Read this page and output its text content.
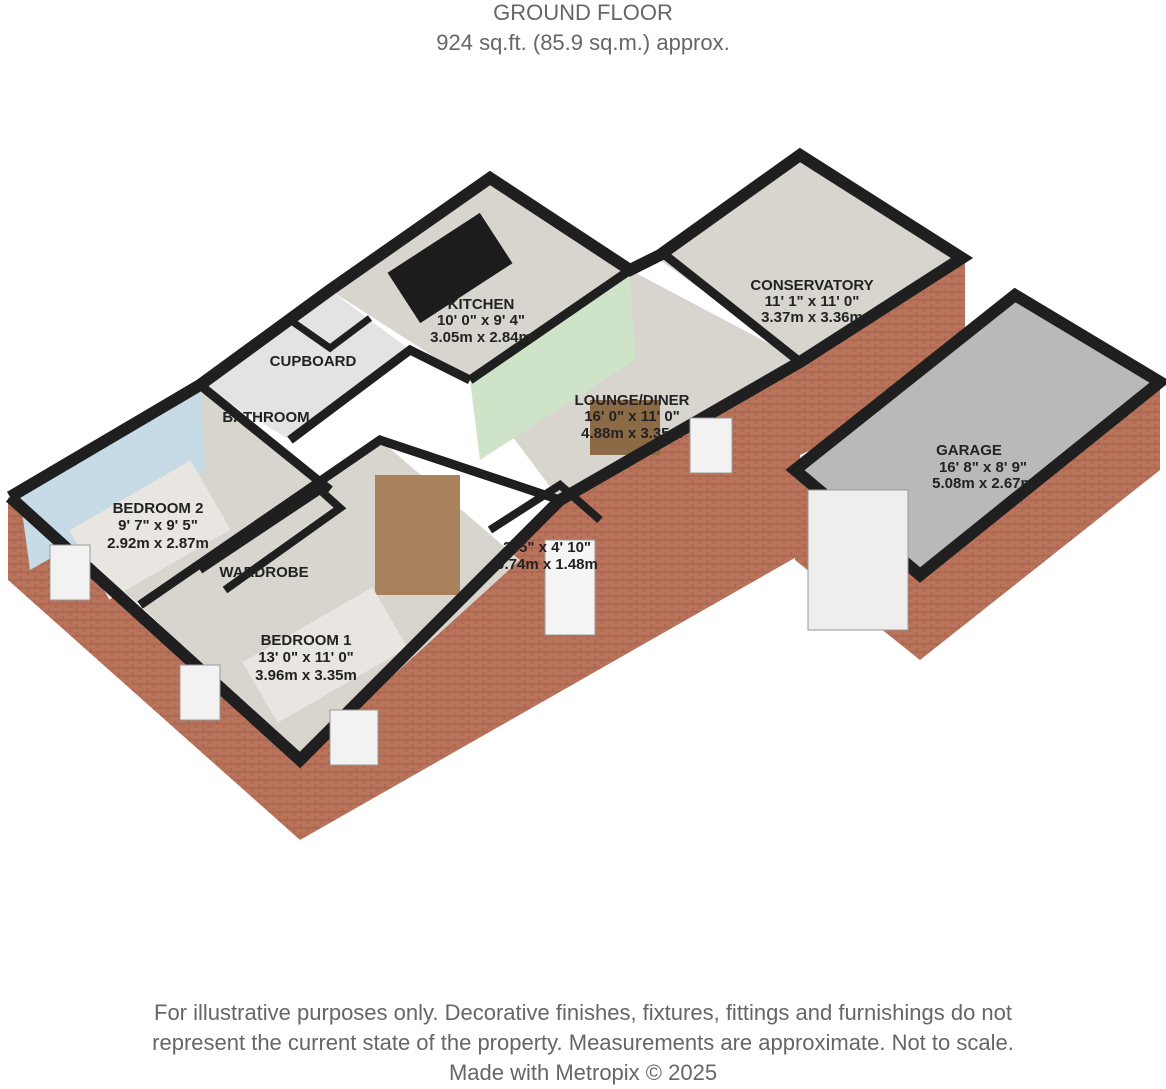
GROUND FLOOR
924 sq.ft. (85.9 sq.m.) approx.
CONSERVATORY
11' 1" x 11' 0"
3.37m x 3.36m
KITCHEN
10' 0" x 9' 4"
3.05m x 2.84m
CUPBOARD
BATHROOM
LOUNGE/DINER
16' 0" x 11' 0"
4.88m x 3.35m
GARAGE
16' 8" x 8' 9"
5.08m x 2.67m
BEDROOM 2
9' 7" x 9' 5"
2.92m x 2.87m	2' 5" x 4' 10"
0.74m x 1.48m
WARDROBE
BEDROOM 1
13' 0" x 11' 0"
3.96m x 3.35m
For illustrative purposes only. Decorative finishes, fixtures, fittings and furnishings do not
represent the current state of the property. Measurements are approximate. Not to scale.
Made with Metropix © 2025
